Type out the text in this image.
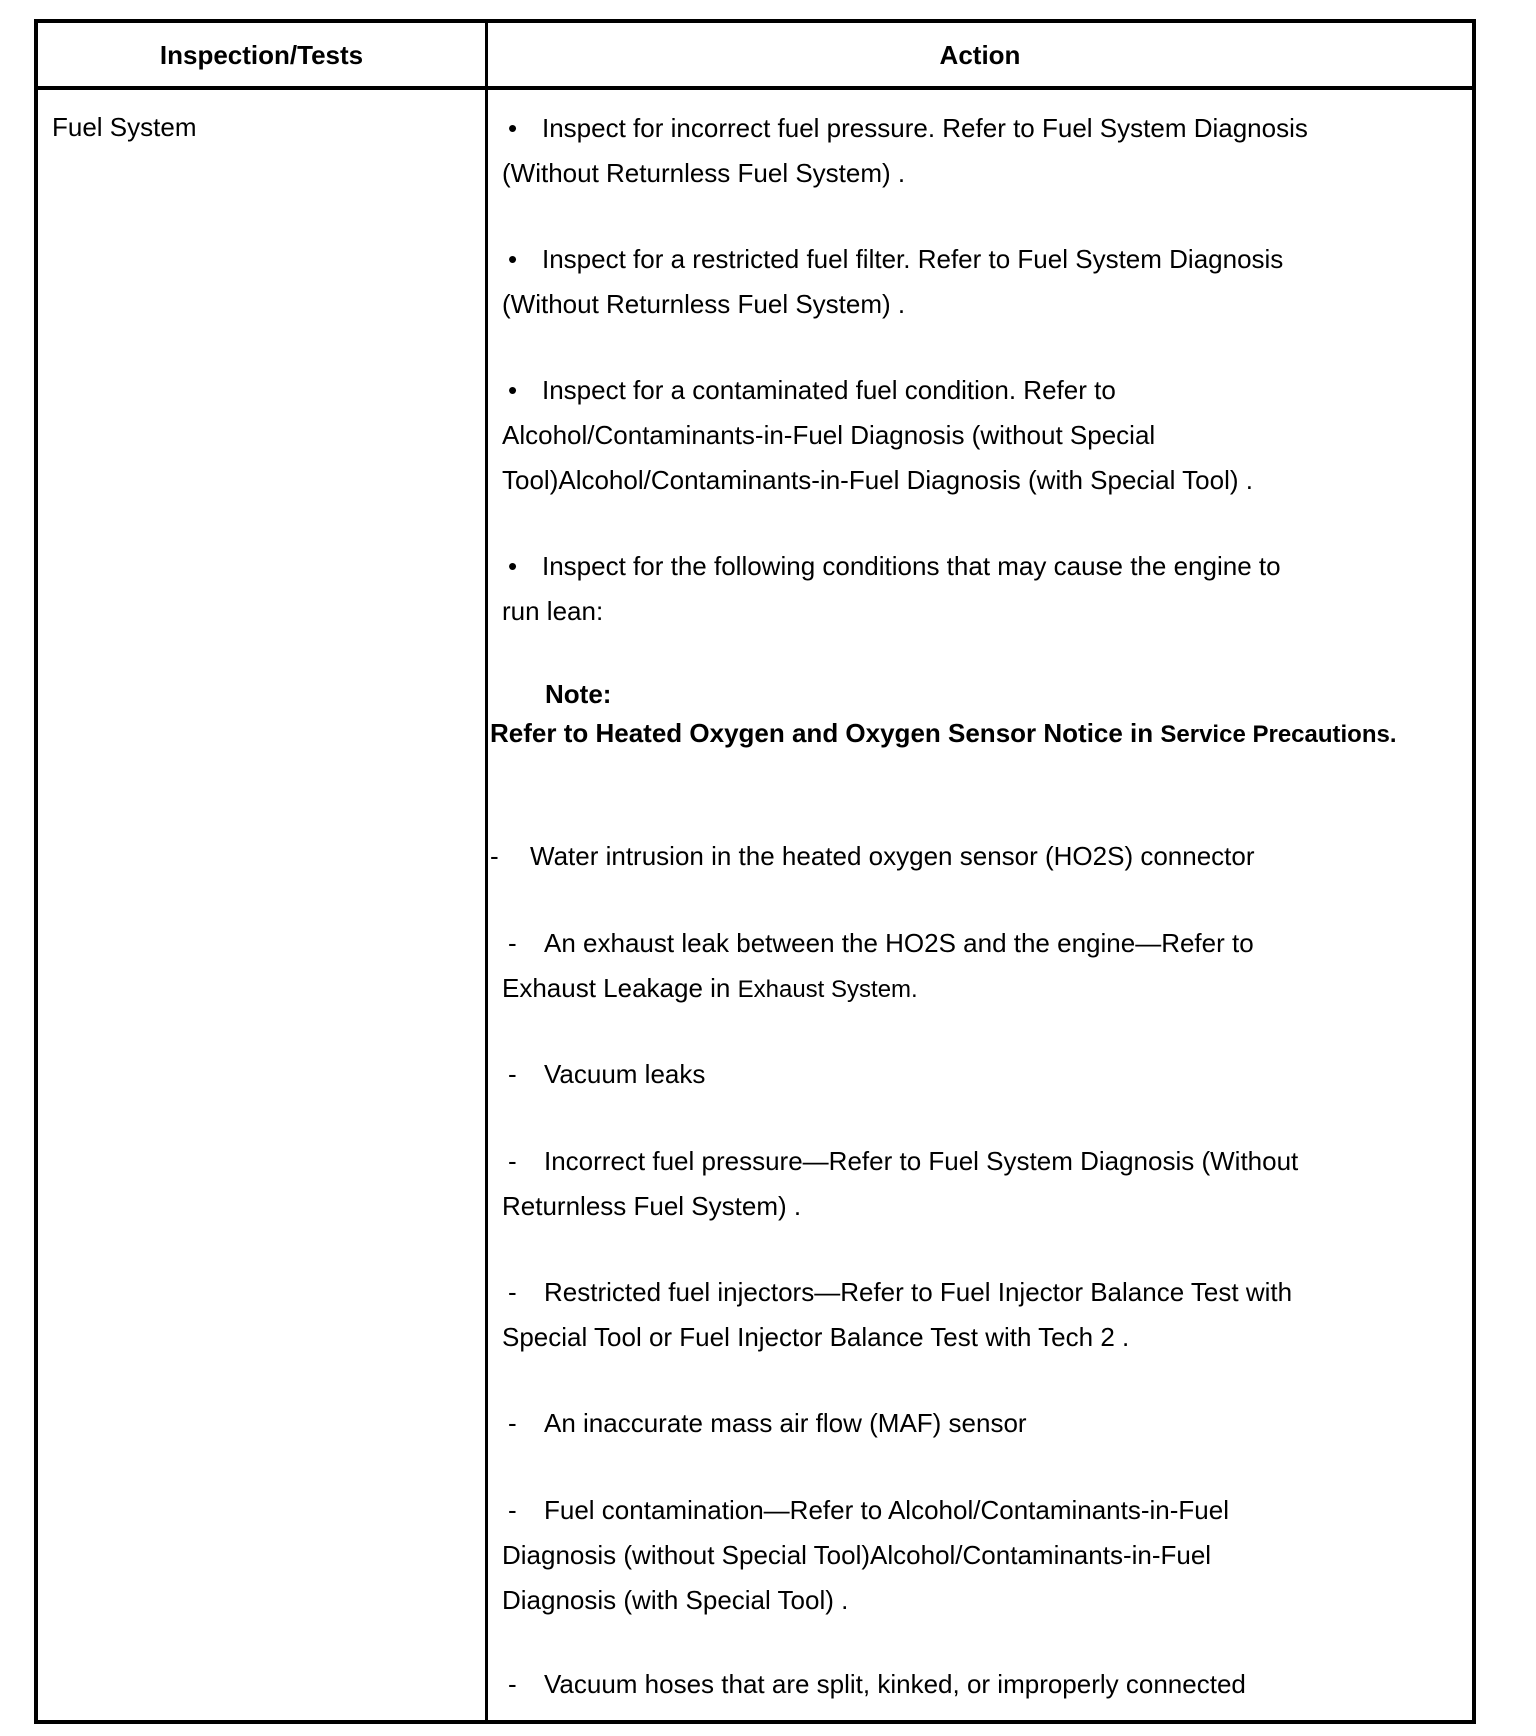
Inspection/Tests	Action
Fuel System	• Inspect for incorrect fuel pressure. Refer to Fuel System Diagnosis
(Without Returnless Fuel System) .
• Inspect for a restricted fuel filter. Refer to Fuel System Diagnosis
(Without Returnless Fuel System) .
• Inspect for a contaminated fuel condition. Refer to
Alcohol/Contaminants-in-Fuel Diagnosis (without Special
Tool)Alcohol/Contaminants-in-Fuel Diagnosis (with Special Tool) .
• Inspect for the following conditions that may cause the engine to
run lean:
Note:
Refer to Heated Oxygen and Oxygen Sensor Notice in Service Precautions.
- Water intrusion in the heated oxygen sensor (HO2S) connector
- An exhaust leak between the HO2S and the engine—Refer to
Exhaust Leakage in Exhaust System.
- Vacuum leaks
- Incorrect fuel pressure—Refer to Fuel System Diagnosis (Without
Returnless Fuel System) .
- Restricted fuel injectors—Refer to Fuel Injector Balance Test with
Special Tool or Fuel Injector Balance Test with Tech 2 .
- An inaccurate mass air flow (MAF) sensor
- Fuel contamination—Refer to Alcohol/Contaminants-in-Fuel
Diagnosis (without Special Tool)Alcohol/Contaminants-in-Fuel
Diagnosis (with Special Tool) .
- Vacuum hoses that are split, kinked, or improperly connected
